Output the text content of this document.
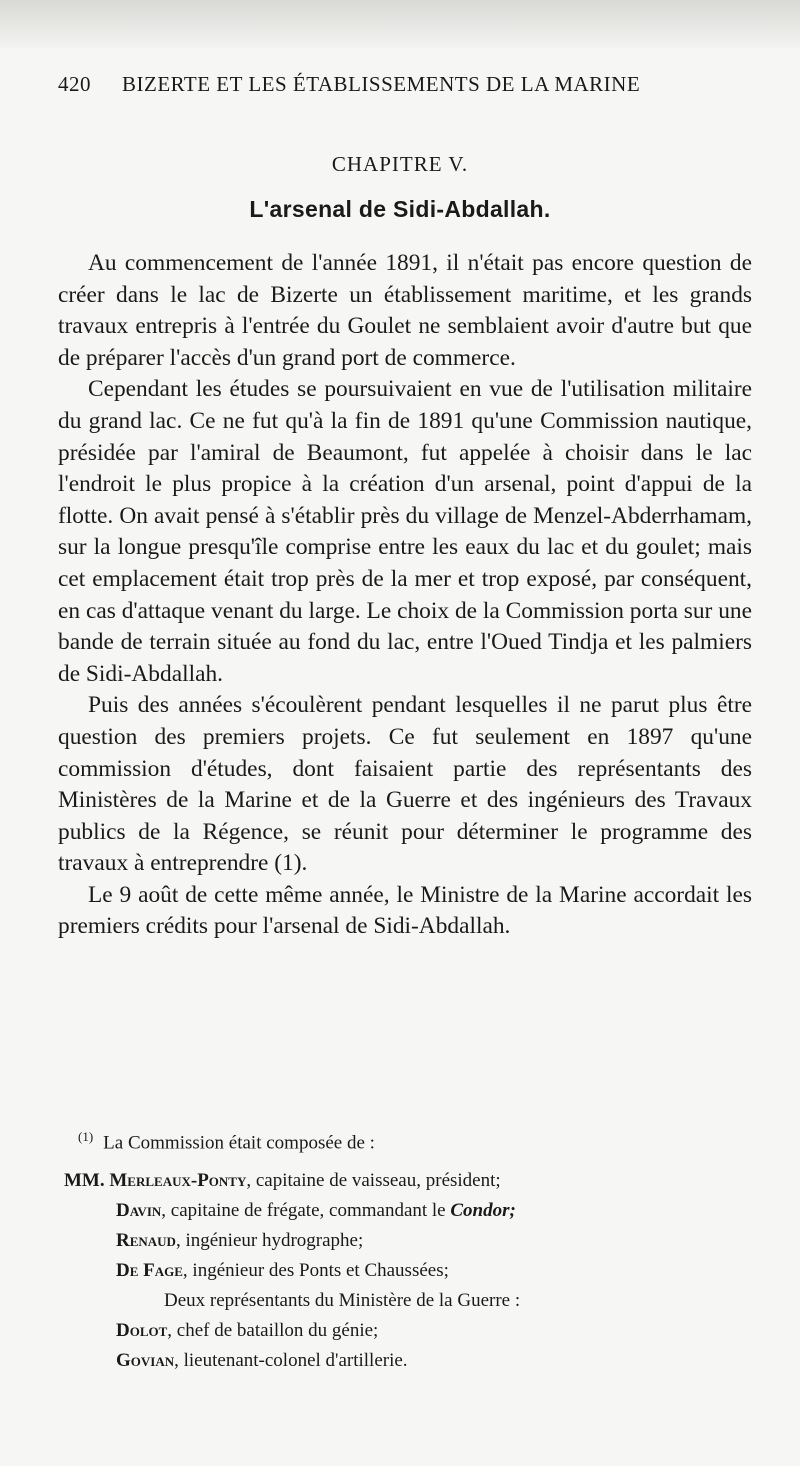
420	BIZERTE ET LES ÉTABLISSEMENTS DE LA MARINE
CHAPITRE V.
L'arsenal de Sidi-Abdallah.

Au commencement de l'année 1891, il n'était pas encore question de créer dans le lac de Bizerte un établissement maritime, et les grands travaux entrepris à l'entrée du Goulet ne semblaient avoir d'autre but que de préparer l'accès d'un grand port de commerce.

Cependant les études se poursuivaient en vue de l'utilisation militaire du grand lac. Ce ne fut qu'à la fin de 1891 qu'une Commission nautique, présidée par l'amiral de Beaumont, fut appelée à choisir dans le lac l'endroit le plus propice à la création d'un arsenal, point d'appui de la flotte. On avait pensé à s'établir près du village de Menzel-Abderrhamam, sur la longue presqu'île comprise entre les eaux du lac et du goulet; mais cet emplacement était trop près de la mer et trop exposé, par conséquent, en cas d'attaque venant du large. Le choix de la Commission porta sur une bande de terrain située au fond du lac, entre l'Oued Tindja et les palmiers de Sidi-Abdallah.

Puis des années s'écoulèrent pendant lesquelles il ne parut plus être question des premiers projets. Ce fut seulement en 1897 qu'une commission d'études, dont faisaient partie des représentants des Ministères de la Marine et de la Guerre et des ingénieurs des Travaux publics de la Régence, se réunit pour déterminer le programme des travaux à entreprendre (1).

Le 9 août de cette même année, le Ministre de la Marine accordait les premiers crédits pour l'arsenal de Sidi-Abdallah.

$^{(1)}$ La Commission était composée de :

MM. Merleaux-Ponty, capitaine de vaisseau, président;
Davin, capitaine de frégate, commandant le Condor;
Renaud, ingénieur hydrographe;
De Fage, ingénieur des Ponts et Chaussées;
Deux représentants du Ministère de la Guerre :
Dolot, chef de bataillon du génie;
Govian, lieutenant-colonel d'artillerie.
